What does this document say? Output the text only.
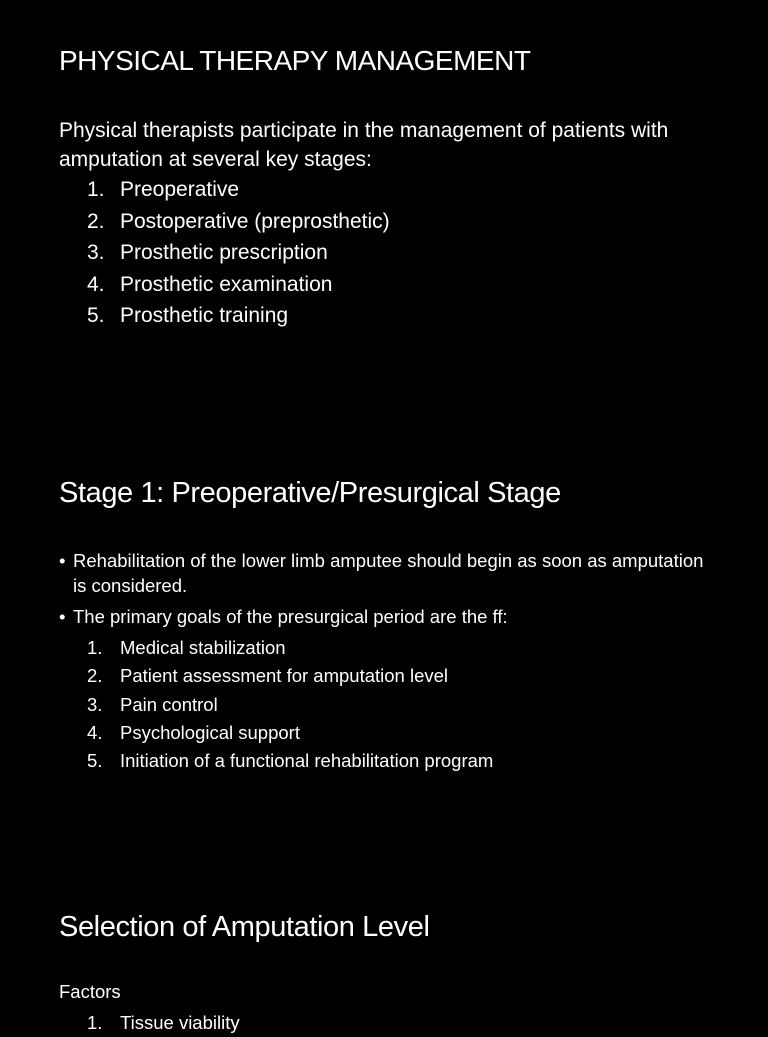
PHYSICAL THERAPY MANAGEMENT

Physical therapists participate in the management of patients with amputation at several key stages:

1. Preoperative
2. Postoperative (preprosthetic)
3. Prosthetic prescription
4. Prosthetic examination
5. Prosthetic training
Stage 1: Preoperative/Presurgical Stage
• Rehabilitation of the lower limb amputee should begin as soon as amputation is considered.
• The primary goals of the presurgical period are the ff:
1. Medical stabilization
2. Patient assessment for amputation level
3. Pain control
4. Psychological support
5. Initiation of a functional rehabilitation program
Selection of Amputation Level

Factors

1. Tissue viability
